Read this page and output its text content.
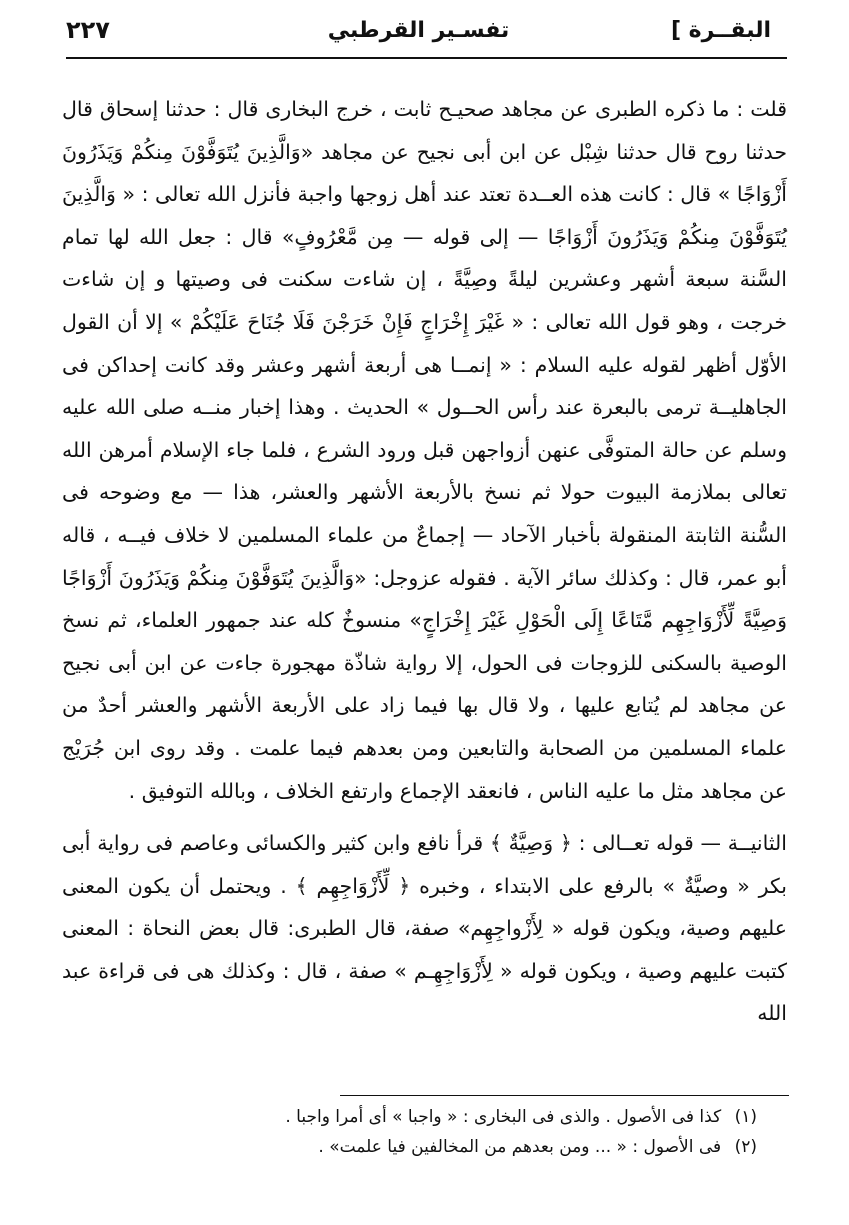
البقــرة ]
تفسـير القرطبي
٢٢٧

قلت : ما ذكره الطبرى عن مجاهد صحيـح ثابت ، خرج البخارى قال : حدثنا إسحاق قال حدثنا روح قال حدثنا شِبْل عن ابن أبى نجيح عن مجاهد «وَالَّذِينَ يُتَوَفَّوْنَ مِنكُمْ وَيَذَرُونَ أَزْوَاجًا » قال : كانت هذه العــدة تعتد عند أهل زوجها واجبة فأنزل الله تعالى : « وَالَّذِينَ يُتَوَفَّوْنَ مِنكُمْ وَيَذَرُونَ أَزْوَاجًا — إلى قوله — مِن مَّعْرُوفٍ» قال : جعل الله لها تمام السَّنة سبعة أشهر وعشرين ليلةً وصِيَّةً ، إن شاءت سكنت فى وصيتها و إن شاءت خرجت ، وهو قول الله تعالى : « غَيْرَ إِخْرَاجٍ فَإِنْ خَرَجْنَ فَلَا جُنَاحَ عَلَيْكُمْ » إلا أن القول الأوّل أظهر لقوله عليه السلام : « إنمــا هى أربعة أشهر وعشر وقد كانت إحداكن فى الجاهليــة ترمى بالبعرة عند رأس الحــول » الحديث . وهذا إخبار منــه صلى الله عليه وسلم عن حالة المتوفَّى عنهن أزواجهن قبل ورود الشرع ، فلما جاء الإسلام أمرهن الله تعالى بملازمة البيوت حولا ثم نسخ بالأربعة الأشهر والعشر، هذا — مع وضوحه فى السُّنة الثابتة المنقولة بأخبار الآحاد — إجماعٌ من علماء المسلمين لا خلاف فيــه ، قاله أبو عمر، قال : وكذلك سائر الآية . فقوله عزوجل: «وَالَّذِينَ يُتَوَفَّوْنَ مِنكُمْ وَيَذَرُونَ أَزْوَاجًا وَصِيَّةً لِّأَزْوَاجِهِم مَّتَاعًا إِلَى الْحَوْلِ غَيْرَ إِخْرَاجٍ» منسوخٌ كله عند جمهور العلماء، ثم نسخ الوصية بالسكنى للزوجات فى الحول، إلا رواية شاذّة مهجورة جاءت عن ابن أبى نجيح عن مجاهد لم يُتابع عليها ، ولا قال بها فيما زاد على الأربعة الأشهر والعشر أحدٌ من علماء المسلمين من الصحابة والتابعين ومن بعدهم فيما علمت . وقد روى ابن جُرَيْج عن مجاهد مثل ما عليه الناس ، فانعقد الإجماع وارتفع الخلاف ، وبالله التوفيق .

الثانيــة — قوله تعــالى : ﴿ وَصِيَّةٌ ﴾ قرأ نافع وابن كثير والكسائى وعاصم فى رواية أبى بكر « وصيَّةٌ » بالرفع على الابتداء ، وخبره ﴿ لِّأَزْوَاجِهِم ﴾ . ويحتمل أن يكون المعنى عليهم وصية، ويكون قوله « لِأَزْواجِهِم» صفة، قال الطبرى: قال بعض النحاة : المعنى كتبت عليهم وصية ، ويكون قوله « لِأَزْوَاجِهِـم » صفة ، قال : وكذلك هى فى قراءة عبد الله

(١) كذا فى الأصول . والذى فى البخارى : « واجبا » أى أمرا واجبا .
(٢) فى الأصول : « ... ومن بعدهم من المخالفين فيا علمت» .
